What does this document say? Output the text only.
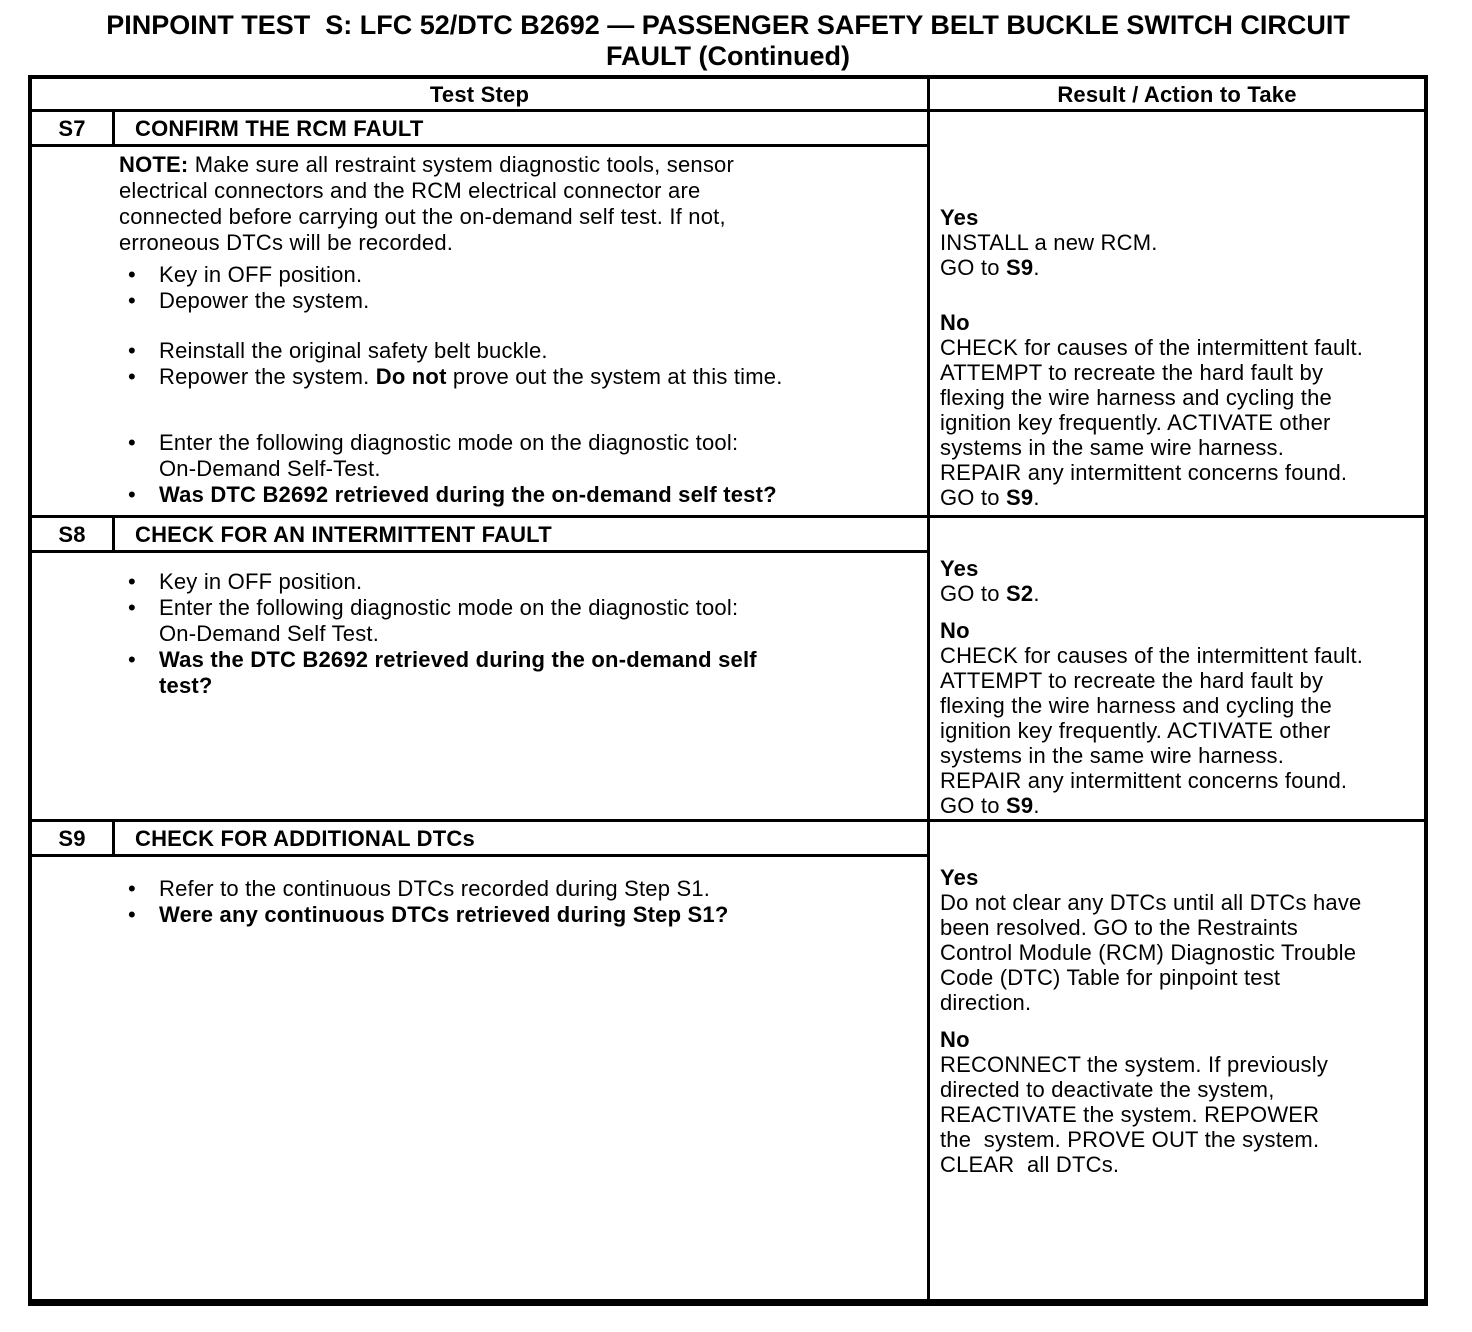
PINPOINT TEST  S: LFC 52/DTC B2692 — PASSENGER SAFETY BELT BUCKLE SWITCH CIRCUIT
FAULT (Continued)
Test Step	Result / Action to Take
S7	CONFIRM THE RCM FAULT
NOTE: Make sure all restraint system diagnostic tools, sensor
electrical connectors and the RCM electrical connector are
connected before carrying out the on-demand self test. If not,
erroneous DTCs will be recorded.
•	Key in OFF position.
•	Depower the system.
•	Reinstall the original safety belt buckle.
•	Repower the system. Do not prove out the system at this time.
•	Enter the following diagnostic mode on the diagnostic tool:
On-Demand Self-Test.
•	Was DTC B2692 retrieved during the on-demand self test?
Yes
INSTALL a new RCM.
GO to S9.
No
CHECK for causes of the intermittent fault.
ATTEMPT to recreate the hard fault by
flexing the wire harness and cycling the
ignition key frequently. ACTIVATE other
systems in the same wire harness.
REPAIR any intermittent concerns found.
GO to S9.
S8	CHECK FOR AN INTERMITTENT FAULT
•	Key in OFF position.
•	Enter the following diagnostic mode on the diagnostic tool:
On-Demand Self Test.
•	Was the DTC B2692 retrieved during the on-demand self
test?
Yes
GO to S2.
No
CHECK for causes of the intermittent fault.
ATTEMPT to recreate the hard fault by
flexing the wire harness and cycling the
ignition key frequently. ACTIVATE other
systems in the same wire harness.
REPAIR any intermittent concerns found.
GO to S9.
S9	CHECK FOR ADDITIONAL DTCs
•	Refer to the continuous DTCs recorded during Step S1.
•	Were any continuous DTCs retrieved during Step S1?
Yes
Do not clear any DTCs until all DTCs have
been resolved. GO to the Restraints
Control Module (RCM) Diagnostic Trouble
Code (DTC) Table for pinpoint test
direction.
No
RECONNECT the system. If previously
directed to deactivate the system,
REACTIVATE the system. REPOWER
the  system. PROVE OUT the system.
CLEAR  all DTCs.
